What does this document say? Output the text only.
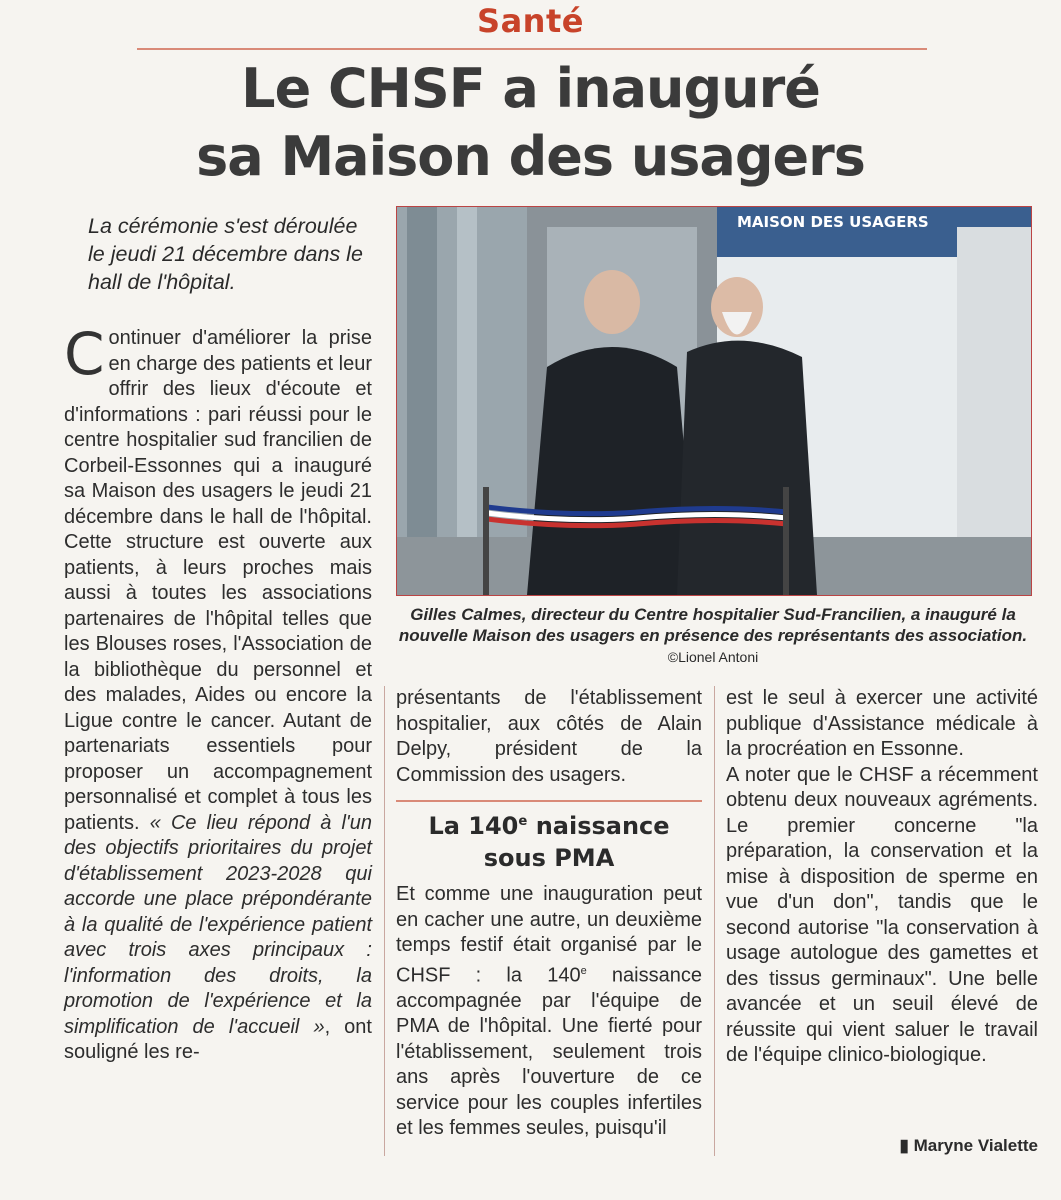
Santé
Le CHSF a inauguré
sa Maison des usagers
La cérémonie s'est déroulée le jeudi 21 décembre dans le hall de l'hôpital.
MAISON DES USAGERS
Gilles Calmes, directeur du Centre hospitalier Sud-Francilien, a inauguré la nouvelle Maison des usagers en présence des représentants des association. ©Lionel Antoni

Continuer d'améliorer la prise en charge des patients et leur offrir des lieux d'écoute et d'informations : pari réussi pour le centre hospitalier sud francilien de Corbeil-Essonnes qui a inauguré sa Maison des usagers le jeudi 21 décembre dans le hall de l'hôpital. Cette structure est ouverte aux patients, à leurs proches mais aussi à toutes les associations partenaires de l'hôpital telles que les Blouses roses, l'Association de la bibliothèque du personnel et des malades, Aides ou encore la Ligue contre le cancer. Autant de partenariats essentiels pour proposer un accompagnement personnalisé et complet à tous les patients. « Ce lieu répond à l'un des objectifs prioritaires du projet d'établissement 2023-2028 qui accorde une place prépondérante à la qualité de l'expérience patient avec trois axes principaux : l'information des droits, la promotion de l'expérience et la simplification de l'accueil », ont souligné les re-

présentants de l'établissement hospitalier, aux côtés de Alain Delpy, président de la Commission des usagers.

La 140e naissance
sous PMA

Et comme une inauguration peut en cacher une autre, un deuxième temps festif était organisé par le CHSF : la 140e naissance accompagnée par l'équipe de PMA de l'hôpital. Une fierté pour l'établissement, seulement trois ans après l'ouverture de ce service pour les couples infertiles et les femmes seules, puisqu'il

est le seul à exercer une activité publique d'Assistance médicale à la procréation en Essonne.

A noter que le CHSF a récemment obtenu deux nouveaux agréments. Le premier concerne "la préparation, la conservation et la mise à disposition de sperme en vue d'un don", tandis que le second autorise "la conservation à usage autologue des gamettes et des tissus germinaux". Une belle avancée et un seuil élevé de réussite qui vient saluer le travail de l'équipe clinico-biologique.

▮ Maryne Vialette
